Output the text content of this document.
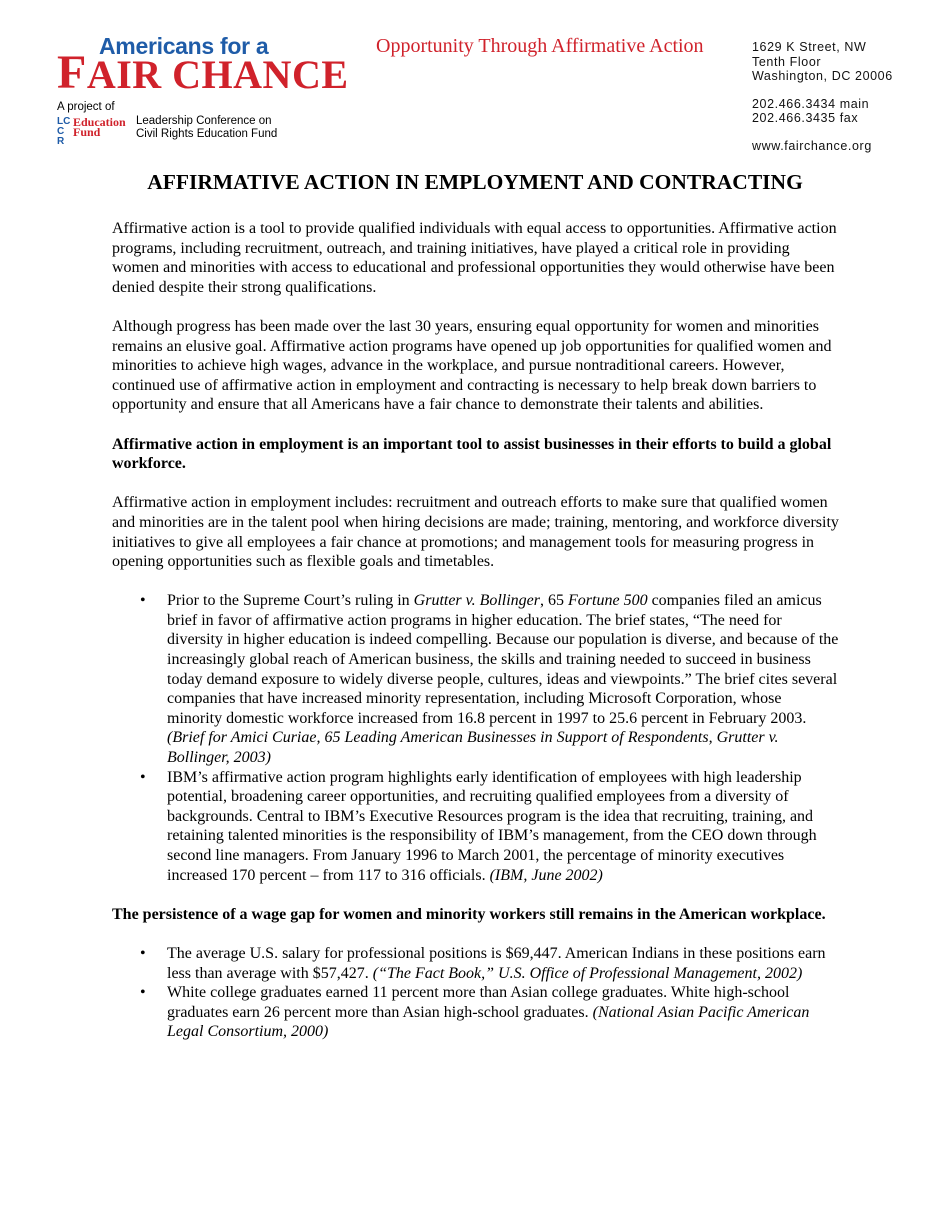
Americans for a
FAIR CHANCE
Opportunity Through Affirmative Action	1629 K Street, NW
Tenth Floor
Washington, DC 20006
202.466.3434 main
202.466.3435 fax
www.fairchance.org
A project of
LC CR
Education
Fund
Leadership Conference on
Civil Rights Education Fund
AFFIRMATIVE ACTION IN EMPLOYMENT AND CONTRACTING

Affirmative action is a tool to provide qualified individuals with equal access to opportunities. Affirmative action programs, including recruitment, outreach, and training initiatives, have played a critical role in providing women and minorities with access to educational and professional opportunities they would otherwise have been denied despite their strong qualifications.

Although progress has been made over the last 30 years, ensuring equal opportunity for women and minorities remains an elusive goal. Affirmative action programs have opened up job opportunities for qualified women and minorities to achieve high wages, advance in the workplace, and pursue nontraditional careers. However, continued use of affirmative action in employment and contracting is necessary to help break down barriers to opportunity and ensure that all Americans have a fair chance to demonstrate their talents and abilities.

Affirmative action in employment is an important tool to assist businesses in their efforts to build a global workforce.

Affirmative action in employment includes: recruitment and outreach efforts to make sure that qualified women and minorities are in the talent pool when hiring decisions are made; training, mentoring, and workforce diversity initiatives to give all employees a fair chance at promotions; and management tools for measuring progress in opening opportunities such as flexible goals and timetables.

• Prior to the Supreme Court’s ruling in Grutter v. Bollinger, 65 Fortune 500 companies filed an amicus brief in favor of affirmative action programs in higher education. The brief states, “The need for diversity in higher education is indeed compelling. Because our population is diverse, and because of the increasingly global reach of American business, the skills and training needed to succeed in business today demand exposure to widely diverse people, cultures, ideas and viewpoints.” The brief cites several companies that have increased minority representation, including Microsoft Corporation, whose minority domestic workforce increased from 16.8 percent in 1997 to 25.6 percent in February 2003. (Brief for Amici Curiae, 65 Leading American Businesses in Support of Respondents, Grutter v. Bollinger, 2003)
• IBM’s affirmative action program highlights early identification of employees with high leadership potential, broadening career opportunities, and recruiting qualified employees from a diversity of backgrounds. Central to IBM’s Executive Resources program is the idea that recruiting, training, and retaining talented minorities is the responsibility of IBM’s management, from the CEO down through second line managers. From January 1996 to March 2001, the percentage of minority executives increased 170 percent – from 117 to 316 officials. (IBM, June 2002)

The persistence of a wage gap for women and minority workers still remains in the American workplace.

• The average U.S. salary for professional positions is $69,447. American Indians in these positions earn less than average with $57,427. (“The Fact Book,” U.S. Office of Professional Management, 2002)
• White college graduates earned 11 percent more than Asian college graduates. White high-school graduates earn 26 percent more than Asian high-school graduates. (National Asian Pacific American Legal Consortium, 2000)
